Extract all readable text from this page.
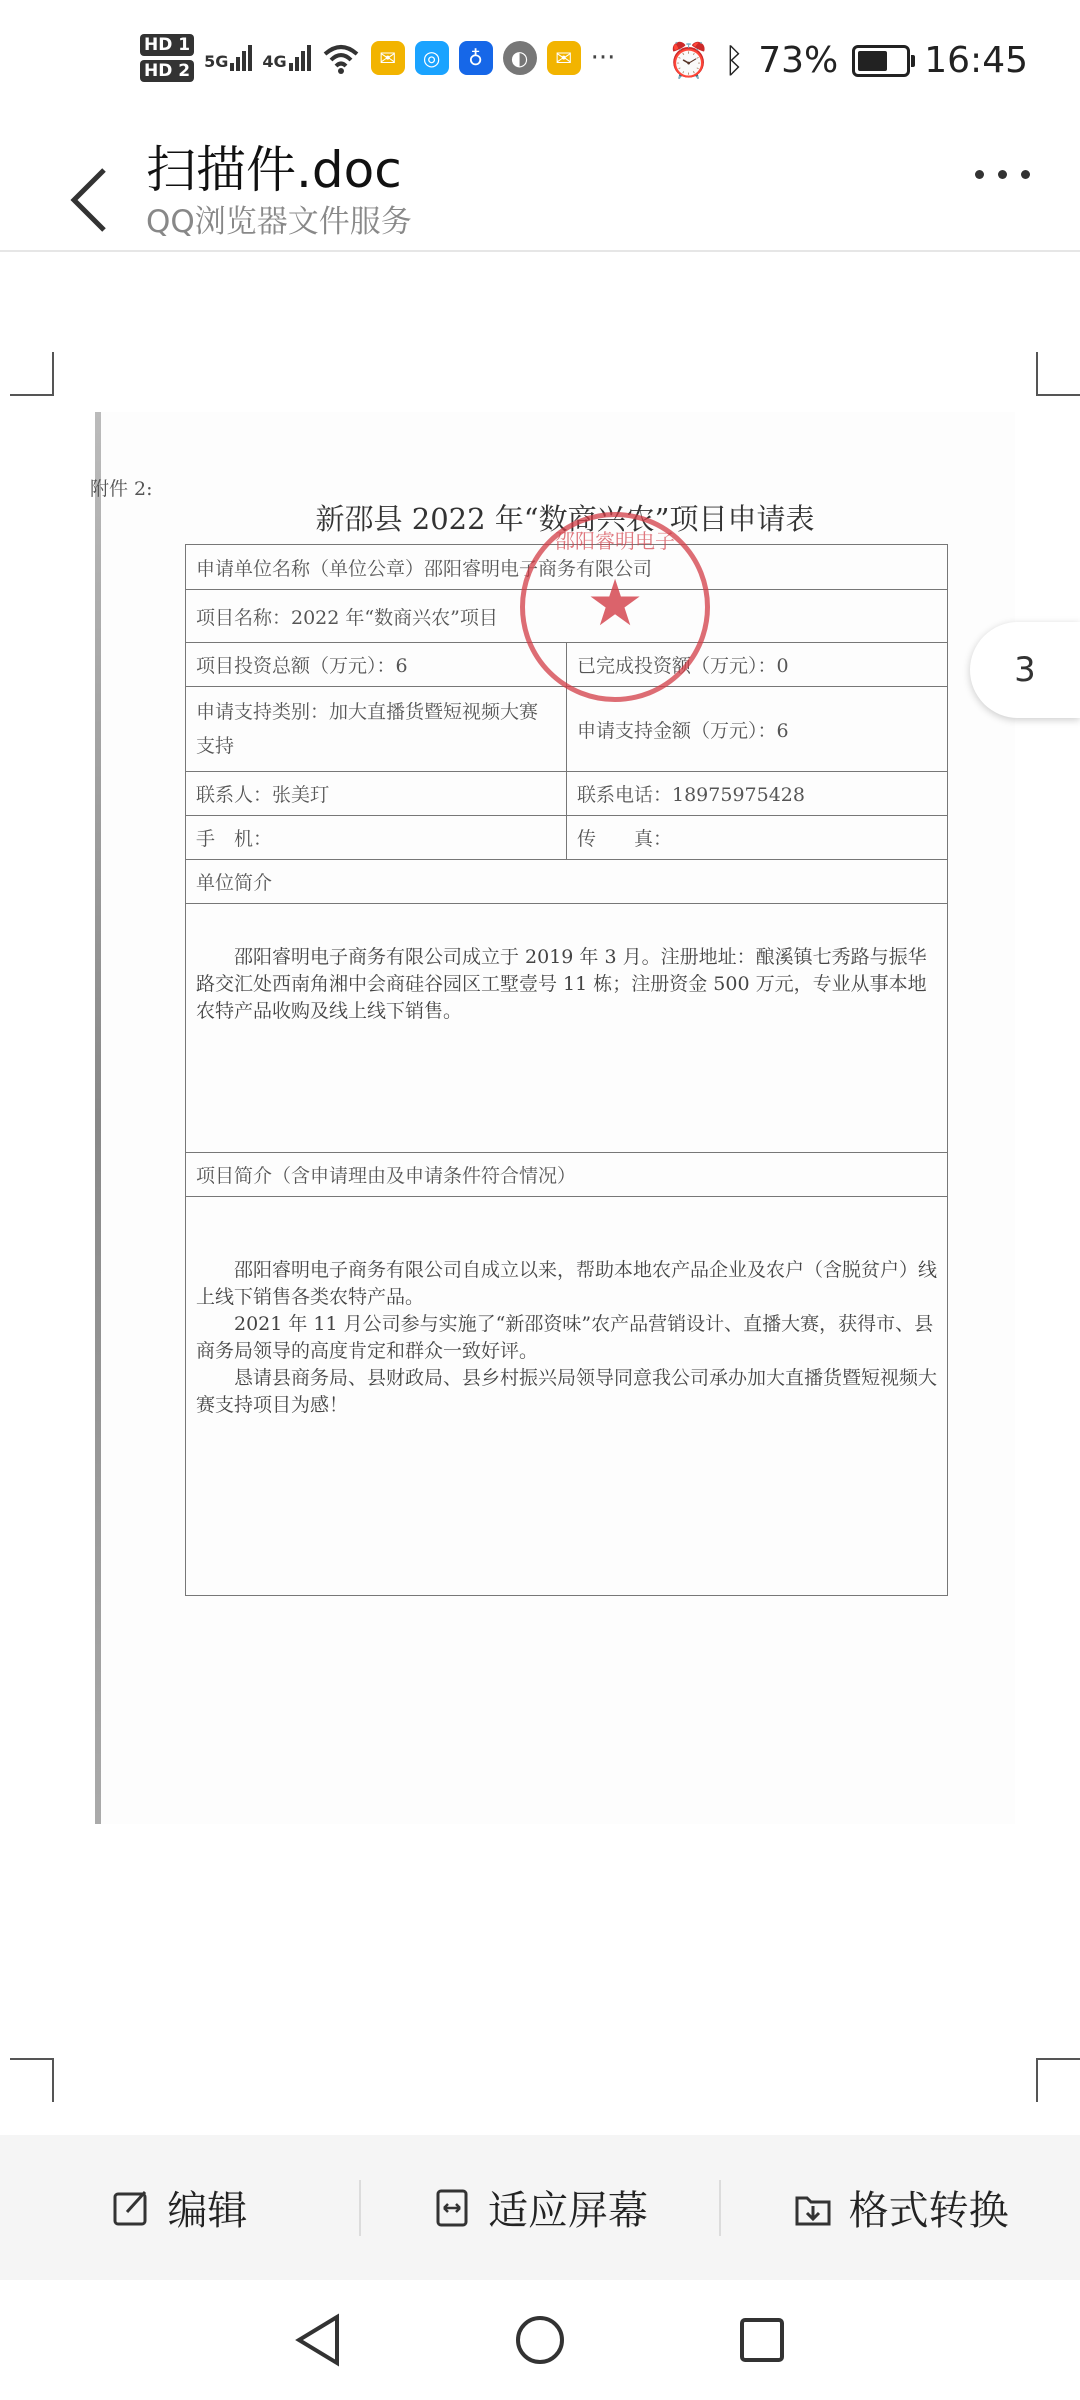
HD 1
HD 2 5G 4G	✉	◎	♁	◐	✉ ··· ⏰ ᛒ 73% 16:45
扫描件.doc
QQ浏览器文件服务
附件 2:
新邵县 2022 年“数商兴农”项目申请表
申请单位名称（单位公章）邵阳睿明电子商务有限公司	
项目名称：2022 年“数商兴农”项目	
项目投资总额（万元）：6	已完成投资额（万元）：0
申请支持类别：加大直播货暨短视频大赛支持	申请支持金额（万元）：6
联系人：张美玎	联系电话：18975975428
手　机：	传　　真：
单位简介	

邵阳睿明电子商务有限公司成立于 2019 年 3 月。注册地址：酿溪镇七秀路与振华路交汇处西南角湘中会商硅谷园区工墅壹号 11 栋；注册资金 500 万元，专业从事本地农特产品收购及线上线下销售。	

项目简介（含申请理由及申请条件符合情况）	

邵阳睿明电子商务有限公司自成立以来，帮助本地农产品企业及农户（含脱贫户）线上线下销售各类农特产品。
2021 年 11 月公司参与实施了“新邵资味”农产品营销设计、直播大赛，获得市、县商务局领导的高度肯定和群众一致好评。
恳请县商务局、县财政局、县乡村振兴局领导同意我公司承办加大直播货暨短视频大赛支持项目为感！	
邵阳睿明电子
★
3
编辑	适应屏幕	格式转换
